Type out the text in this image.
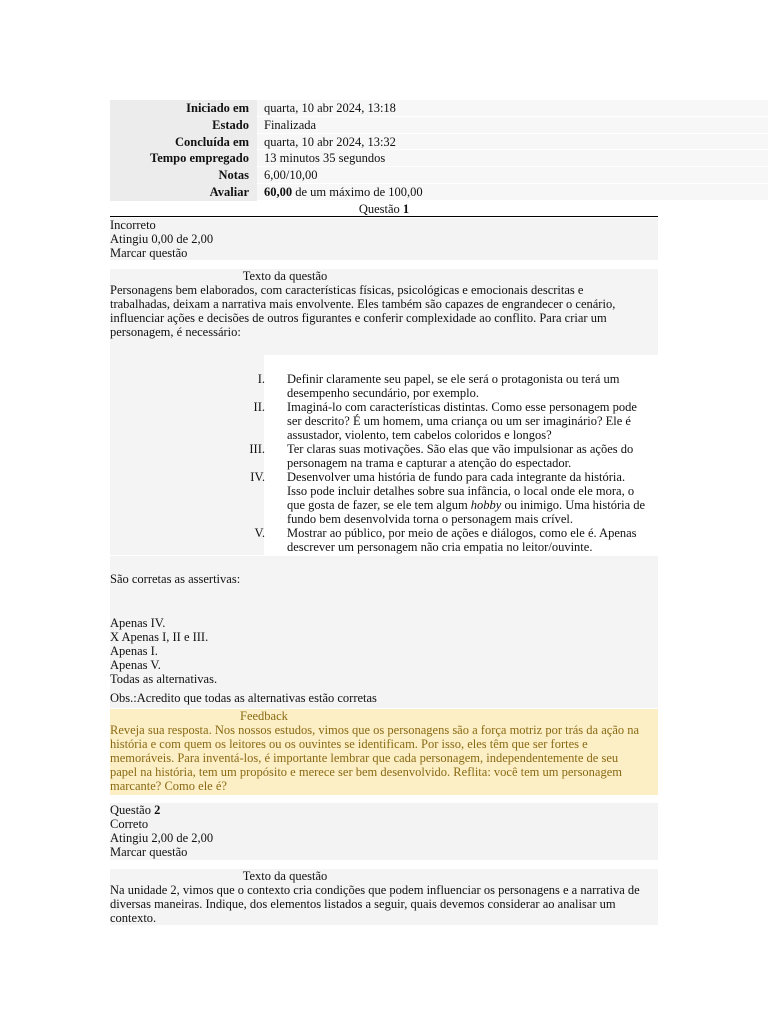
Iniciado em	quarta, 10 abr 2024, 13:18
Estado	Finalizada
Concluída em	quarta, 10 abr 2024, 13:32
Tempo empregado	13 minutos 35 segundos
Notas	6,00/10,00
Avaliar	60,00 de um máximo de 100,00
Questão 1
Incorreto
Atingiu 0,00 de 2,00
Marcar questão
Texto da questão
Personagens bem elaborados, com características físicas, psicológicas e emocionais descritas e
trabalhadas, deixam a narrativa mais envolvente. Eles também são capazes de engrandecer o cenário,
influenciar ações e decisões de outros figurantes e conferir complexidade ao conflito. Para criar um
personagem, é necessário:
I. Definir claramente seu papel, se ele será o protagonista ou terá um
desempenho secundário, por exemplo.
II. Imaginá-lo com características distintas. Como esse personagem pode
ser descrito? É um homem, uma criança ou um ser imaginário? Ele é
assustador, violento, tem cabelos coloridos e longos?
III. Ter claras suas motivações. São elas que vão impulsionar as ações do
personagem na trama e capturar a atenção do espectador.
IV. Desenvolver uma história de fundo para cada integrante da história.
Isso pode incluir detalhes sobre sua infância, o local onde ele mora, o
que gosta de fazer, se ele tem algum hobby ou inimigo. Uma história de
fundo bem desenvolvida torna o personagem mais crível.
V. Mostrar ao público, por meio de ações e diálogos, como ele é. Apenas
descrever um personagem não cria empatia no leitor/ouvinte.
São corretas as assertivas:
Apenas IV.
X Apenas I, II e III.
Apenas I.
Apenas V.
Todas as alternativas.
Obs.:Acredito que todas as alternativas estão corretas
Feedback
Reveja sua resposta. Nos nossos estudos, vimos que os personagens são a força motriz por trás da ação na
história e com quem os leitores ou os ouvintes se identificam. Por isso, eles têm que ser fortes e
memoráveis. Para inventá-los, é importante lembrar que cada personagem, independentemente de seu
papel na história, tem um propósito e merece ser bem desenvolvido. Reflita: você tem um personagem
marcante? Como ele é?
Questão 2
Correto
Atingiu 2,00 de 2,00
Marcar questão
Texto da questão
Na unidade 2, vimos que o contexto cria condições que podem influenciar os personagens e a narrativa de
diversas maneiras. Indique, dos elementos listados a seguir, quais devemos considerar ao analisar um
contexto.
